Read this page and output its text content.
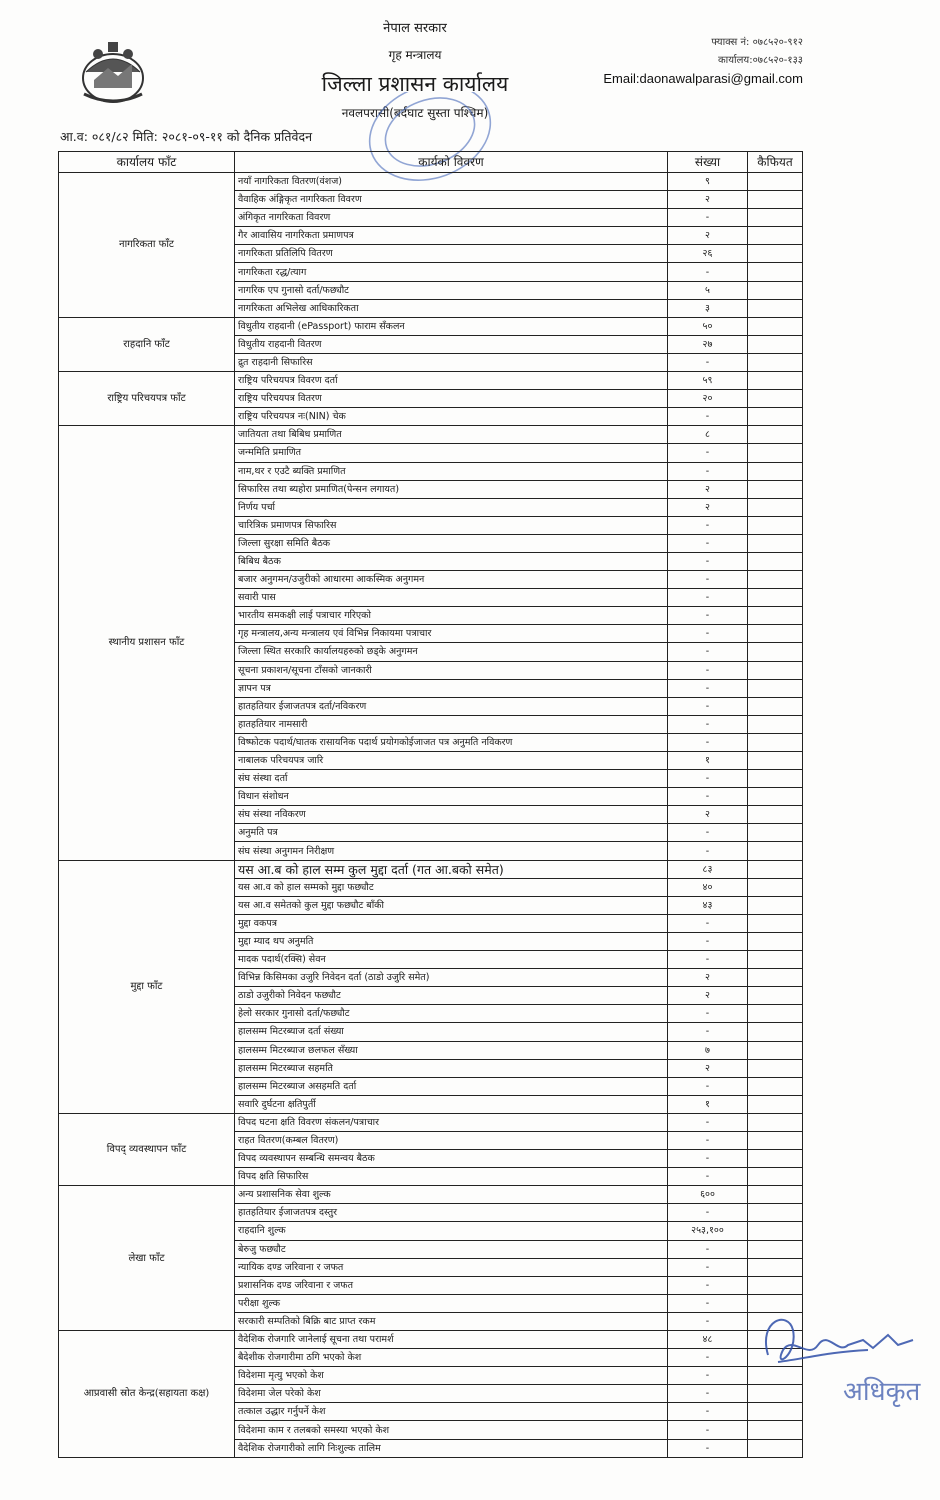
नेपाल सरकार
गृह मन्त्रालय
जिल्ला प्रशासन कार्यालय
नवलपरासी(बर्दघाट सुस्ता पश्चिम)
फ्याक्स नं: ०७८५२०-९१२
कार्यालय:०७८५२०-१३३
Email:daonawalparasi@gmail.com
आ.व: ०८१/८२ मिति: २०८१-०९-११ को दैनिक प्रतिवेदन
कार्यालय फाँट	कार्यको विवरण	संख्या	कैफियत
नागरिकता फाँट	नयाँ नागरिकता वितरण(वंशज)	९	
	वैवाहिक अंङ्गिकृत नागरिकता विवरण	२	
	अंगिकृत नागरिकता विवरण	-	
	गैर आवासिय नागरिकता प्रमाणपत्र	२	
	नागरिकता प्रतिलिपि वितरण	२६	
	नागरिकता रद्ध/त्याग	-	
	नागरिक एप गुनासो दर्ता/फछ्यौट	५	
	नागरिकता अभिलेख आधिकारिकता	३	
राहदानि फाँट	विधुतीय राहदानी (ePassport) फाराम सँकलन	५०	
	विधुतीय राहदानी वितरण	२७	
	द्रुत राहदानी सिफारिस	-	
राष्ट्रिय परिचयपत्र फाँट	राष्ट्रिय परिचयपत्र विवरण दर्ता	५९	
	राष्ट्रिय परिचयपत्र वितरण	२०	
	राष्ट्रिय परिचयपत्र नः(NIN) चेक	-	
स्थानीय प्रशासन फाँट	जातियता तथा बिबिध प्रमाणित	८	
	जन्ममिति प्रमाणित	-	
	नाम,थर र एउटै ब्यक्ति प्रमाणित	-	
	सिफारिस तथा ब्यहोरा प्रमाणित(पेन्सन लगायत)	२	
	निर्णय पर्चा	२	
	चारित्रिक प्रमाणपत्र सिफारिस	-	
	जिल्ला सुरक्षा समिति बैठक	-	
	बिबिध बैठक	-	
	बजार अनुगमन/उजुरीको आधारमा आकस्मिक अनुगमन	-	
	सवारी पास	-	
	भारतीय समकक्षी लाई पत्राचार गरिएको	-	
	गृह मन्त्रालय,अन्य मन्त्रालय एवं विभिन्न निकायमा पत्राचार	-	
	जिल्ला स्थित सरकारि कार्यालयहरुको छड्के अनुगमन	-	
	सूचना प्रकाशन/सूचना टाँसको जानकारी	-	
	ज्ञापन पत्र	-	
	हातहतियार ईजाजतपत्र दर्ता/नविकरण	-	
	हातहतियार नामसारी	-	
	विष्फोटक पदार्थ/घातक रासायनिक पदार्थ प्रयोगकोईजाजत पत्र अनुमति नविकरण	-	
	नाबालक परिचयपत्र जारि	१	
	संघ संस्था दर्ता	-	
	विधान संशोधन	-	
	संघ संस्था नविकरण	२	
	अनुमति पत्र	-	
	संघ संस्था अनुगमन निरीक्षण	-	
मुद्दा फाँट	यस आ.ब को हाल सम्म कुल मुद्दा दर्ता (गत आ.बको समेत)	८३	
	यस आ.व को हाल सम्मको मुद्दा फछ्यौट	४०	
	यस आ.व समेतको कुल मुद्दा फछ्यौट बाँकी	४३	
	मुद्दा वकपत्र	-	
	मुद्दा म्याद थप अनुमति	-	
	मादक पदार्थ(रक्सि) सेवन	-	
	विभिन्न किसिमका उजुरि निवेदन दर्ता (ठाडो उजुरि समेत)	२	
	ठाडो उजुरीको निवेदन फछ्यौट	२	
	हेलो सरकार गुनासो दर्ता/फछ्यौट	-	
	हालसम्म मिटरब्याज दर्ता संख्या	-	
	हालसम्म मिटरब्याज छलफल सँख्या	७	
	हालसम्म मिटरब्याज सहमति	२	
	हालसम्म मिटरब्याज असहमति दर्ता	-	
	सवारि दुर्घटना क्षतिपुर्ती	१	
विपद् व्यवस्थापन फाँट	विपद घटना क्षति विवरण संकलन/पत्राचार	-	
	राहत वितरण(कम्बल वितरण)	-	
	विपद व्यवस्थापन सम्बन्धि समन्वय बैठक	-	
	विपद क्षति सिफारिस	-	
लेखा फाँट	अन्य प्रशासनिक सेवा शुल्क	६००	
	हातहतियार ईजाजतपत्र दस्तुर	-	
	राहदानि शुल्क	२५३,१००	
	बेरुजु फछ्यौट	-	
	न्यायिक दण्ड जरिवाना र जफत	-	
	प्रशासनिक दण्ड जरिवाना र जफत	-	
	परीक्षा शुल्क	-	
	सरकारी सम्पतिको बिक्रि बाट प्राप्त रकम	-	
आप्रवासी स्रोत केन्द्र(सहायता कक्ष)	वैदेशिक रोजगारि जानेलाई सूचना तथा परामर्श	४८	
	बैदेशीक रोजगारीमा ठगि भएको केश	-	
	विदेशमा मृत्यु भएको केश	-	
	विदेशमा जेल परेको केश	-	
	तत्काल उद्धार गर्नुपर्ने केश	-	
	विदेशमा काम र तलबको समस्या भएको केश	-	
	वैदेशिक रोजगारीको लागि निःशुल्क तालिम	-	
अधिकृत
